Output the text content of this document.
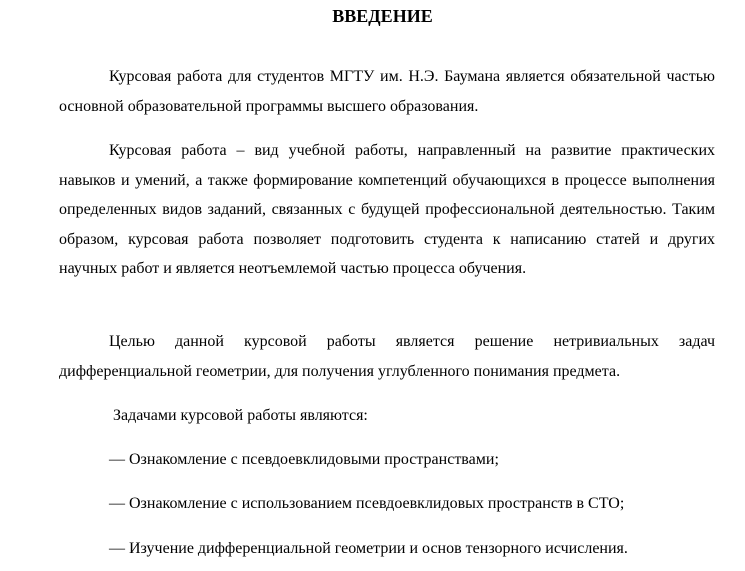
ВВЕДЕНИЕ

Курсовая работа для студентов МГТУ им. Н.Э. Баумана является обязательной частью основной образовательной программы высшего образования.

Курсовая работа – вид учебной работы, направленный на развитие практических навыков и умений, а также формирование компетенций обучающихся в процессе выполнения определенных видов заданий, связанных с будущей профессиональной деятельностью. Таким образом, курсовая работа позволяет подготовить студента к написанию статей и других научных работ и является неотъемлемой частью процесса обучения.

Целью данной курсовой работы является решение нетривиальных задач дифференциальной геометрии, для получения углубленного понимания предмета.

Задачами курсовой работы являются:
— Ознакомление с псевдоевклидовыми пространствами;
— Ознакомление с использованием псевдоевклидовых пространств в СТО;
— Изучение дифференциальной геометрии и основ тензорного исчисления.
